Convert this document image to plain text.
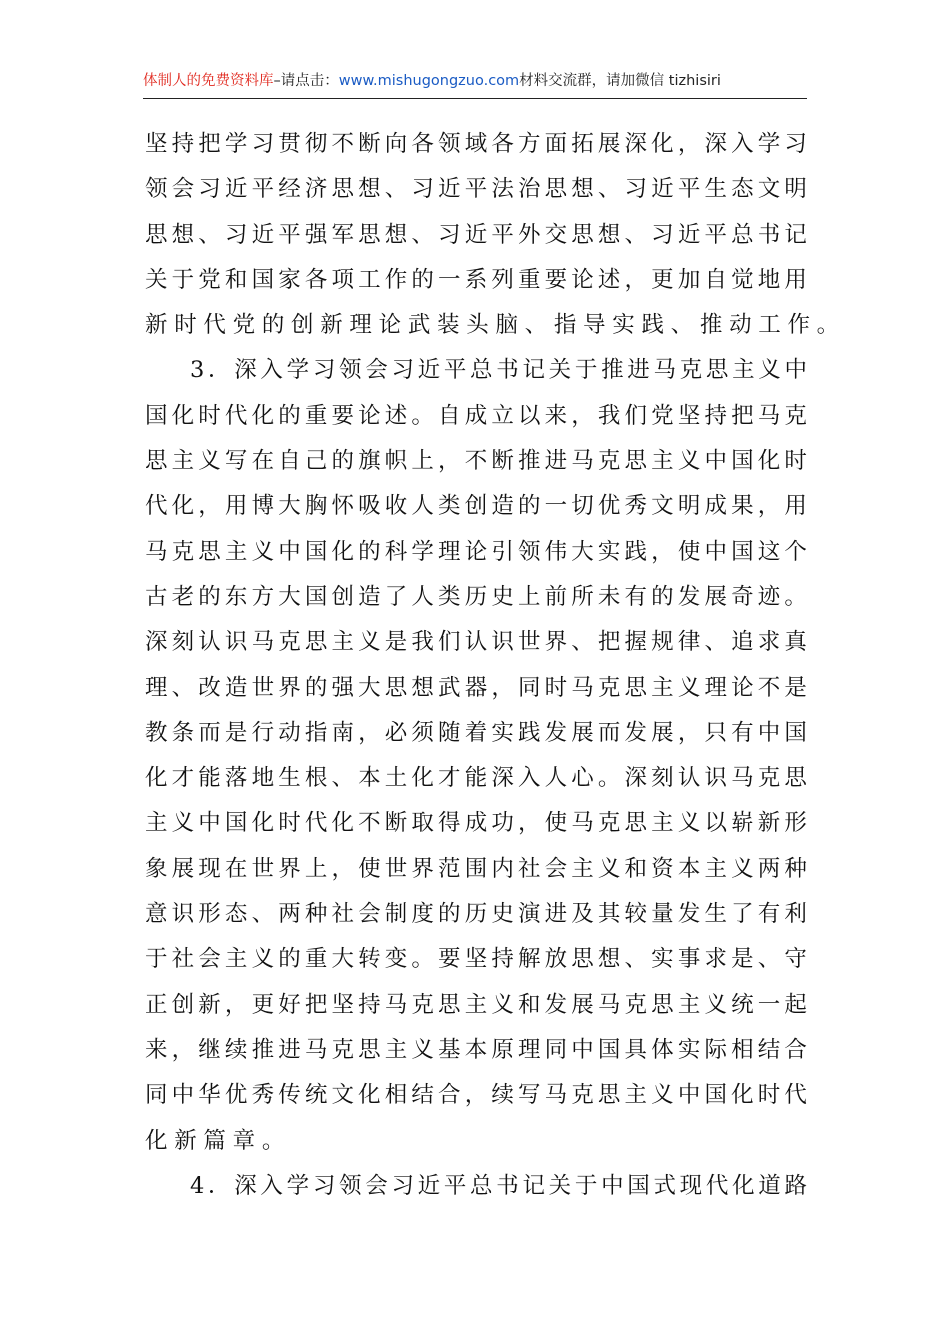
体制人的免费资料库–请点击：www.mishugongzuo.com材料交流群，请加微信 tizhisiri
坚 持 把 学 习 贯 彻 不 断 向 各 领 域 各 方 面 拓 展 深 化 ， 深 入 学 习
领 会 习 近 平 经 济 思 想 、 习 近 平 法 治 思 想 、 习 近 平 生 态 文 明
思 想 、 习 近 平 强 军 思 想 、 习 近 平 外 交 思 想 、 习 近 平 总 书 记
关 于 党 和 国 家 各 项 工 作 的 一 系 列 重 要 论 述 ， 更 加 自 觉 地 用
新 时 代 党 的 创 新 理 论 武 装 头 脑 、 指 导 实 践 、 推 动 工 作 。
3 ． 深 入 学 习 领 会 习 近 平 总 书 记 关 于 推 进 马 克 思 主 义 中
国 化 时 代 化 的 重 要 论 述 。 自 成 立 以 来 ， 我 们 党 坚 持 把 马 克
思 主 义 写 在 自 己 的 旗 帜 上 ， 不 断 推 进 马 克 思 主 义 中 国 化 时
代 化 ， 用 博 大 胸 怀 吸 收 人 类 创 造 的 一 切 优 秀 文 明 成 果 ， 用
马 克 思 主 义 中 国 化 的 科 学 理 论 引 领 伟 大 实 践 ， 使 中 国 这 个
古 老 的 东 方 大 国 创 造 了 人 类 历 史 上 前 所 未 有 的 发 展 奇 迹 。
深 刻 认 识 马 克 思 主 义 是 我 们 认 识 世 界 、 把 握 规 律 、 追 求 真
理 、 改 造 世 界 的 强 大 思 想 武 器 ， 同 时 马 克 思 主 义 理 论 不 是
教 条 而 是 行 动 指 南 ， 必 须 随 着 实 践 发 展 而 发 展 ， 只 有 中 国
化 才 能 落 地 生 根 、 本 土 化 才 能 深 入 人 心 。 深 刻 认 识 马 克 思
主 义 中 国 化 时 代 化 不 断 取 得 成 功 ， 使 马 克 思 主 义 以 崭 新 形
象 展 现 在 世 界 上 ， 使 世 界 范 围 内 社 会 主 义 和 资 本 主 义 两 种
意 识 形 态 、 两 种 社 会 制 度 的 历 史 演 进 及 其 较 量 发 生 了 有 利
于 社 会 主 义 的 重 大 转 变 。 要 坚 持 解 放 思 想 、 实 事 求 是 、 守
正 创 新 ， 更 好 把 坚 持 马 克 思 主 义 和 发 展 马 克 思 主 义 统 一 起
来 ， 继 续 推 进 马 克 思 主 义 基 本 原 理 同 中 国 具 体 实 际 相 结 合
同 中 华 优 秀 传 统 文 化 相 结 合 ， 续 写 马 克 思 主 义 中 国 化 时 代
化 新 篇 章 。
4 ． 深 入 学 习 领 会 习 近 平 总 书 记 关 于 中 国 式 现 代 化 道 路
